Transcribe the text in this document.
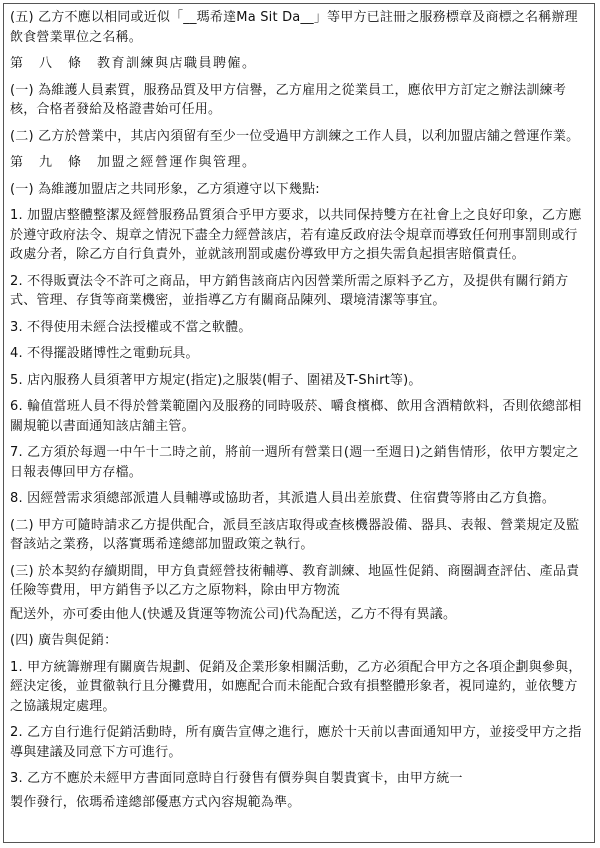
(五) 乙方不應以相同或近似「__瑪希達Ma Sit Da__」等甲方已註冊之服務標章及商標之名稱辦理飲食營業單位之名稱。

第　八　條　教育訓練與店職員聘僱。

(一) 為維護人員素質，服務品質及甲方信譽，乙方雇用之從業員工，應依甲方訂定之辦法訓練考核，合格者發給及格證書始可任用。

(二) 乙方於營業中，其店內須留有至少一位受過甲方訓練之工作人員，以利加盟店舖之營運作業。

第　九　條　加盟之經營運作與管理。

(一) 為維護加盟店之共同形象，乙方須遵守以下幾點:

1. 加盟店整體整潔及經營服務品質須合乎甲方要求，以共同保持雙方在社會上之良好印象，乙方應於遵守政府法令、規章之情況下盡全力經營該店，若有違反政府法令規章而導致任何刑事罰則或行政處分者，除乙方自行負責外，並就該刑罰或處份導致甲方之損失需負起損害賠償責任。

2. 不得販賣法令不許可之商品，甲方銷售該商店內因營業所需之原料予乙方，及提供有關行銷方式、管理、存貨等商業機密，並指導乙方有關商品陳列、環境清潔等事宜。

3. 不得使用未經合法授權或不當之軟體。

4. 不得擺設賭博性之電動玩具。

5. 店內服務人員須著甲方規定(指定)之服裝(帽子、圍裙及T-Shirt等)。

6. 輪值當班人員不得於營業範圍內及服務的同時吸菸、嚼食檳榔、飲用含酒精飲料，否則依總部相關規範以書面通知該店舖主管。

7. 乙方須於每週一中午十二時之前，將前一週所有營業日(週一至週日)之銷售情形，依甲方製定之日報表傳回甲方存檔。

8. 因經營需求須總部派遣人員輔導或協助者，其派遣人員出差旅費、住宿費等將由乙方負擔。

(二) 甲方可隨時請求乙方提供配合，派員至該店取得或查核機器設備、器具、表報、營業規定及監督該站之業務，以落實瑪希達總部加盟政策之執行。

(三) 於本契約存續期間，甲方負責經營技術輔導、教育訓練、地區性促銷、商圈調查評估、產品責任險等費用，甲方銷售予以乙方之原物料，除由甲方物流

配送外，亦可委由他人(快遞及貨運等物流公司)代為配送，乙方不得有異議。

(四) 廣告與促銷：

1. 甲方統籌辦理有關廣告規劃、促銷及企業形象相關活動，乙方必須配合甲方之各項企劃與參與，經決定後，並貫徹執行且分攤費用，如應配合而未能配合致有損整體形象者，視同違約，並依雙方之協議規定處理。

2. 乙方自行進行促銷活動時，所有廣告宣傳之進行，應於十天前以書面通知甲方，並接受甲方之指導與建議及同意下方可進行。

3. 乙方不應於未經甲方書面同意時自行發售有價券與自製貴賓卡，由甲方統一

製作發行，依瑪希達總部優惠方式內容規範為準。
